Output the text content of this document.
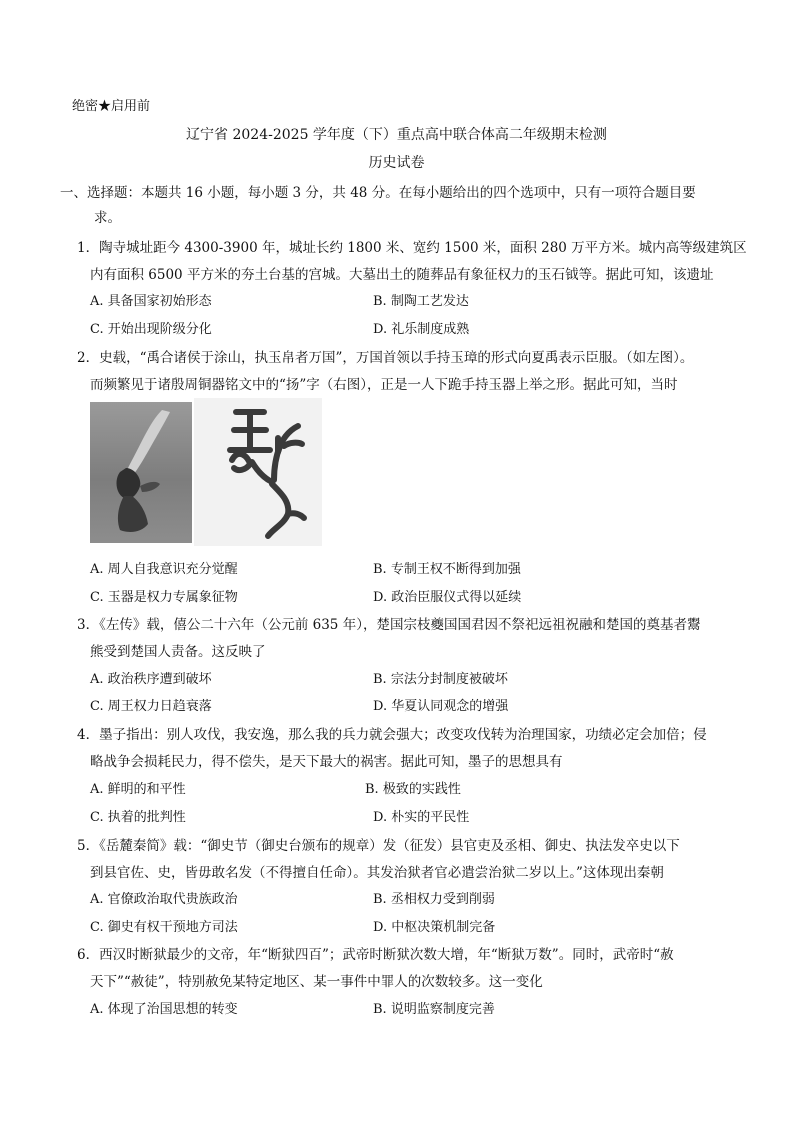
绝密★启用前
辽宁省 2024-2025 学年度（下）重点高中联合体高二年级期末检测
历史试卷
一、选择题：本题共 16 小题，每小题 3 分，共 48 分。在每小题给出的四个选项中，只有一项符合题目要
求。
1．陶寺城址距今 4300-3900 年，城址长约 1800 米、宽约 1500 米，面积 280 万平方米。城内高等级建筑区
内有面积 6500 平方米的夯土台基的宫城。大墓出土的随葬品有象征权力的玉石钺等。据此可知，该遗址
A. 具备国家初始形态	B. 制陶工艺发达
C. 开始出现阶级分化	D. 礼乐制度成熟
2．史载，“禹合诸侯于涂山，执玉帛者万国”，万国首领以手持玉璋的形式向夏禹表示臣服。（如左图）。
而频繁见于诸殷周铜器铭文中的“扬”字（右图），正是一人下跪手持玉器上举之形。据此可知，当时
A. 周人自我意识充分觉醒	B. 专制王权不断得到加强
C. 玉器是权力专属象征物	D. 政治臣服仪式得以延续
3．《左传》载，僖公二十六年（公元前 635 年），楚国宗枝夔国国君因不祭祀远祖祝融和楚国的奠基者鬻
熊受到楚国人责备。这反映了
A. 政治秩序遭到破坏	B. 宗法分封制度被破坏
C. 周王权力日趋衰落	D. 华夏认同观念的增强
4．墨子指出：别人攻伐，我安逸，那么我的兵力就会强大；改变攻伐转为治理国家，功绩必定会加倍；侵
略战争会损耗民力，得不偿失，是天下最大的祸害。据此可知，墨子的思想具有
A. 鲜明的和平性	B. 极致的实践性
C. 执着的批判性	D. 朴实的平民性
5．《岳麓秦简》载：“御史节（御史台颁布的规章）发（征发）县官吏及丞相、御史、执法发卒史以下
到县官佐、史，皆毋敢名发（不得擅自任命）。其发治狱者官必遣尝治狱二岁以上。”这体现出秦朝
A. 官僚政治取代贵族政治	B. 丞相权力受到削弱
C. 御史有权干预地方司法	D. 中枢决策机制完备
6．西汉时断狱最少的文帝，年“断狱四百”；武帝时断狱次数大增，年“断狱万数”。同时，武帝时“赦
天下”“赦徒”，特别赦免某特定地区、某一事件中罪人的次数较多。这一变化
A. 体现了治国思想的转变	B. 说明监察制度完善
